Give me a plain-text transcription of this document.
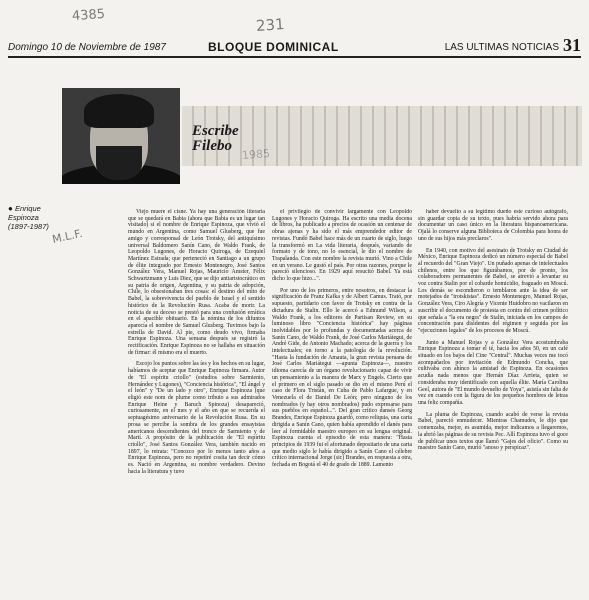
4385	231
M.L.F.
Domingo 10 de Noviembre de 1987	BLOQUE DOMINICAL	LAS ULTIMAS NOTICIAS 31
Escribe
Filebo
● Enrique Espinoza
(1897-1987)

Viejo muere el cisne. Ya hay una generación literaria que se quedará en Babia (ahora que Babia es un lugar tan visitado) si el nombre de Enrique Espinoza, que vivió el mundo en Argentina, como Samuel Glusberg, que fue amigo y corresponsal de León Trotsky, del antiquísimo universal Baldomero Sanín Cano, de Waldo Frank, de Leopoldo Lugones, de Horacio Quiroga, de Ezequiel Martínez Estrada; que perteneció en Santiago a un grupo de élite integrado por Ernesto Montenegro, José Santos González Vera, Manuel Rojas, Mauricio Amster, Félix Schwartzmann y Luis Diez, que se dijo antiaristocrático en su patria de origen, Argentina, y su patria de adopción, Chile, lo obsesionaban tres cosas: el destino del mito de Babel, la sobrevivencia del pueblo de Israel y el sentido histórico de la Revolución Rusa. Acaba de morir. La noticia de su deceso se prestó para una confusión errática en el apacible obituario. En la nómina de los difuntos aparecía el nombre de Samuel Glusberg. Tuvimos bajo la estrella de David. Al pie, como deudo vivo, firmaba Enrique Espinoza. Una semana después se registró la rectificación. Enrique Espinoza no se hallaba en situación de firmar: él mismo era el muerto.

Escojo los puntos sobre las íes y los hechos en su lugar, habíamos de aceptar que Enrique Espinoza firmara. Autor de "El espíritu criollo" (estudios sobre Sarmiento, Hernández y Lugones), "Conciencia histórica", "El ángel y el león" y "De un lado y otro", Enrique Espinoza (que eligió este nom de plume como tributo a sus admirados Enrique Heine y Baruch Spinoza) desapareció, curiosamente, en el mes y el año en que se recuerda el septuagésimo aniversario de la Revolución Rusa. En su prosa se percibe la sombra de los grandes ensayistas americanos descendientes del tronco de Sarmiento y de Martí. A propósito de la publicación de "El espíritu criollo", José Santos González Vera, también nacido en 1897, lo retrata: "Conozco por lo menos tanto años a Enrique Espinoza, pero no repetiré cosita tan decir cómo es. Nació en Argentina, su nombre verdadero. Devino hacia la literatura y tuvo

el privilegio de convivir largamente con Leopoldo Lugones y Horacio Quiroga. Ha escrito una media docena de libros, ha publicado a precios de ocasión un centenar de obras ajenas y ha sido el más emprendedor editor de revistas. Fundó Babel hace más de un cuarto de siglo, luego la transformó en La vida literaria, después, variando de formato y de tono, no lo esencial, le dio el nombre de Trapalanda. Con este nombre la revista murió. Vino a Chile en un verano. Le gustó el país. Por otras razones, porque le pareció silencioso. En 1929 aquí resucitó Babel. Ya está dicho lo que hizo...".

Por uno de los primeros, entre nosotros, en destacar la significación de Franz Kafka y de Albert Camus. Trató, por supuesto, partidario con favor de Trotsky en contra de la dictadura de Stalin. Ello le acercó a Edmund Wilson, a Waldo Frank, a los editores de Partisan Review, en su luminoso libro "Conciencia histórica" hay páginas inolvidables por lo profundas y documentadas acerca de Sanín Cano, de Waldo Frank, de José Carlos Mariátegui, de André Gide, de Antonio Machado; acerca de la guerra y los intelectuales; en torno a la patología de la revolución. "Hasta la fundación de Amauta, la gran revista peruana de José Carlos Mariátegui —apunta Espinoza—, nuestro idioma carecía de un órgano revolucionario capaz de vivir un pensamiento a la manera de Marx y Engels. Cierto que el primero en el siglo pasado se dio en el mismo Perú el caso de Flora Tristán, en Cuba de Pablo Lafargue, y en Venezuela el de Daniel De León; pero ninguno de los nombrados (y hay otros nombrados) pudo expresarse para sus pueblos en español...". Del gran crítico dansés Georg Brandes, Enrique Espinoza guardó, como reliquia, una carta dirigida a Sanín Cano, quien había aprendido el danés para leer al formidable maestro europeo en su lengua original. Espinoza cuenta el episodio de esta manera: "Hasta principios de 1939 fui el afortunado depositario de una carta que medio siglo le había dirigido a Sanín Cano el célebre crítico internacional Jorge (sic) Brandes, en respuesta a otra, fechada en Bogotá el 40 de grado de 1889. Lamento

haber devuelto a su legítimo dueño este curioso autógrafo, sin guardar copia de su texto, pues habría servido ahora para documentar un caso único en la literatura hispanoamericana. Ojalá lo conserve alguna Biblioteca de Colombia para honra de uno de sus hijos más preclaros".

En 1940, con motivo del asesinato de Trotsky en Ciudad de México, Enrique Espinoza dedicó un número especial de Babel al recuerdo del "Gran Viejo". Un puñado apenas de intelectuales chilenos, entre los que figurábamos, por de pronto, los colaboradores permanentes de Babel, se atrevió a levantar su voz contra Stalin por el cobarde homicidio, fraguado en Moscú. Los demás se escondieron o temblaron ante la idea de ser motejados de "trotskistas". Ernesto Montenegro, Manuel Rojas, González Vera, Ciro Alegría y Vicente Huidobro no vacilaron en suscribir el documento de protesta en contra del crimen político que señala a "la era negra" de Stalin, iniciada en los campos de concentración para disidentes del régimen y seguida por las "ejecuciones legales" de los procesos de Moscú.

Junto a Manuel Rojas y a González Vera acostumbraba Enrique Espinoza a tomar el té, hacia los años 50, en un café situado en los bajos del Cine "Central". Muchas veces me tocó acompañarlos por invitación de Edmundo Concha, que cultivaba con ahínco la amistad de Espinoza. En ocasiones acudía nada menos que Hernán Díaz Arrieta, quien se consideraba muy identificado con aquella élite. María Carolina Geel, autora de "El mundo devuelto de Yoya", asistía sin falta de vez en cuando con la figura de los pequeños hombres de letras una feliz compañía.

La pluma de Espinoza, cuando acabó de verse la revista Babel, pareció enmudecer. Mientras Chamudes, le dijo que comenzaba, mejor, es asumida, mejor indicamos a llegaremos, la abrió las páginas de su revista Pec. Allí Espinoza tuvo el goce de publicar unos textos que llamó "Gajes del oficio". Como su maestro Sanín Cano, murió "anoso y perspicaz".
